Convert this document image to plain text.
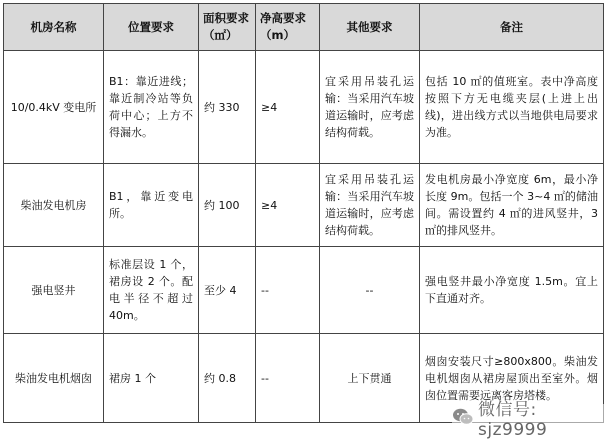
机房名称	位置要求	面积要求（㎡）	净高要求（m）	其他要求	备注
10/0.4kV 变电所	B1：靠近进线；靠近制冷站等负荷中心；上方不得漏水。	约 330	≥4	宜采用吊装孔运输：当采用汽车坡道运输时，应考虑结构荷载。	包括 10 ㎡的值班室。表中净高度按照下方无电缆夹层(上进上出线)，进出线方式以当地供电局要求为准。
柴油发电机房	B1，靠近变电所。	约 100	≥4	宜采用吊装孔运输：当采用汽车坡道运输时，应考虑结构荷载。	发电机房最小净宽度 6m，最小净长度 9m。包括一个 3~4 ㎡的储油间。需设置约 4 ㎡的进风竖井，3 ㎡的排风竖井。
强电竖井	标准层设 1 个，裙房设 2 个。配电半径不超过 40m。	至少 4	--	--	强电竖井最小净宽度 1.5m。宜上下直通对齐。
柴油发电机烟囱	裙房 1 个	约 0.8	--	上下贯通	烟囱安装尺寸≥800x800。柴油发电机烟囱从裙房屋顶出至室外。烟囱位置需要远离客房塔楼。
微信号: sjz9999
